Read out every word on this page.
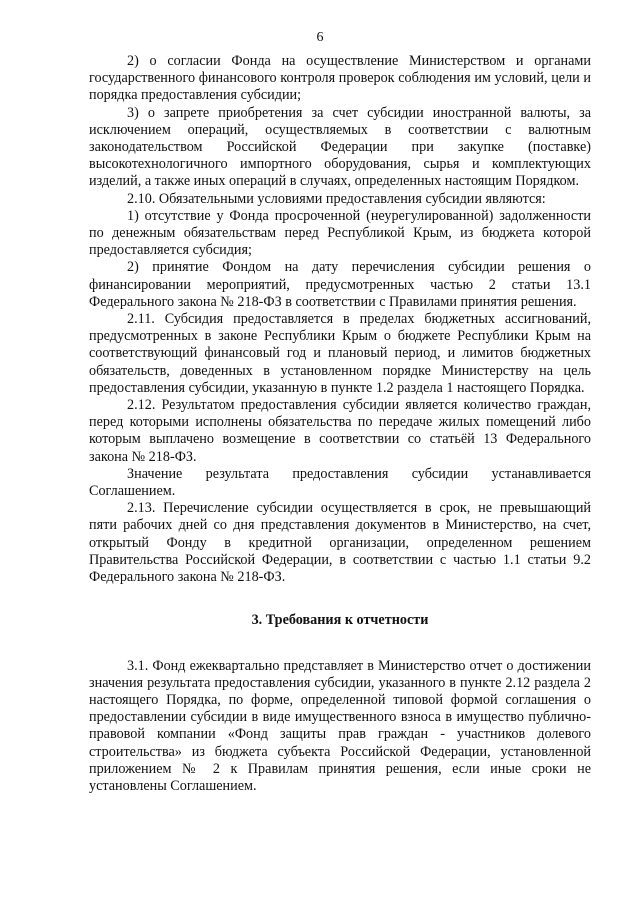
6

2) о согласии Фонда на осуществление Министерством и органами государственного финансового контроля проверок соблюдения им условий, цели и порядка предоставления субсидии;

3) о запрете приобретения за счет субсидии иностранной валюты, за исключением операций, осуществляемых в соответствии с валютным законодательством Российской Федерации при закупке (поставке) высокотехнологичного импортного оборудования, сырья и комплектующих изделий, а также иных операций в случаях, определенных настоящим Порядком.

2.10. Обязательными условиями предоставления субсидии являются:

1) отсутствие у Фонда просроченной (неурегулированной) задолженности по денежным обязательствам перед Республикой Крым, из бюджета которой предоставляется субсидия;

2) принятие Фондом на дату перечисления субсидии решения о финансировании мероприятий, предусмотренных частью 2 статьи 13.1 Федерального закона № 218-ФЗ в соответствии с Правилами принятия решения.

2.11. Субсидия предоставляется в пределах бюджетных ассигнований, предусмотренных в законе Республики Крым о бюджете Республики Крым на соответствующий финансовый год и плановый период, и лимитов бюджетных обязательств, доведенных в установленном порядке Министерству на цель предоставления субсидии, указанную в пункте 1.2 раздела 1 настоящего Порядка.

2.12. Результатом предоставления субсидии является количество граждан, перед которыми исполнены обязательства по передаче жилых помещений либо которым выплачено возмещение в соответствии со статьёй 13 Федерального закона № 218-ФЗ.

Значение результата предоставления субсидии устанавливается Соглашением.

2.13. Перечисление субсидии осуществляется в срок, не превышающий пяти рабочих дней со дня представления документов в Министерство, на счет, открытый Фонду в кредитной организации, определенном решением Правительства Российской Федерации, в соответствии с частью 1.1 статьи 9.2 Федерального закона № 218-ФЗ.

3. Требования к отчетности

3.1. Фонд ежеквартально представляет в Министерство отчет о достижении значения результата предоставления субсидии, указанного в пункте 2.12 раздела 2 настоящего Порядка, по форме, определенной типовой формой соглашения о предоставлении субсидии в виде имущественного взноса в имущество публично-правовой компании «Фонд защиты прав граждан - участников долевого строительства» из бюджета субъекта Российской Федерации, установленной приложением № 2 к Правилам принятия решения, если иные сроки не установлены Соглашением.
